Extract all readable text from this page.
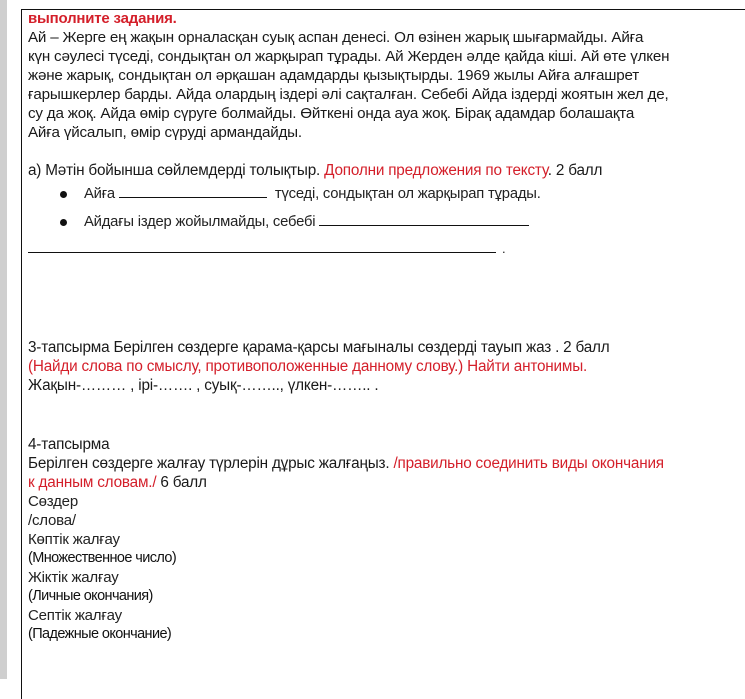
выполните задания.

Ай – Жерге ең жақын орналасқан суық аспан денесі. Ол өзінен жарық шығармайды. Айға

күн сәулесі түседі, сондықтан ол жарқырап тұрады. Ай Жерден әлде қайда кіші. Ай өте үлкен

және жарық, сондықтан ол әрқашан адамдарды қызықтырды. 1969 жылы Айға алғашрет

ғарышкерлер барды. Айда олардың іздері әлі сақталған. Себебі Айда іздерді жоятын жел де,

су да жоқ. Айда өмір сүруге болмайды. Өйткені онда ауа жоқ. Бірақ адамдар болашақта

Айға үйсалып, өмір сүруді армандайды.

а) Мәтін бойынша сөйлемдерді толықтыр. Дополни предложения по тексту. 2 балл

Айға	түседі, сондықтан ол жарқырап тұрады.
Айдағы іздер жойылмайды, себебі
.

3-тапсырма Берілген сөздерге қарама-қарсы мағыналы сөздерді тауып жаз . 2 балл

(Найди слова по смыслу, противоположенные данному слову.) Найти антонимы.

Жақын-……… , ірі-……. , суық-…….., үлкен-…….. .

4-тапсырма

Берілген сөздерге жалғау түрлерін дұрыс жалғаңыз. /правильно соединить виды окончания

к данным словам./ 6 балл

Сөздер

/слова/

Көптік жалғау

(Множественное число)

Жіктік жалғау

(Личные окончания)

Септік жалғау

(Падежные окончание)
